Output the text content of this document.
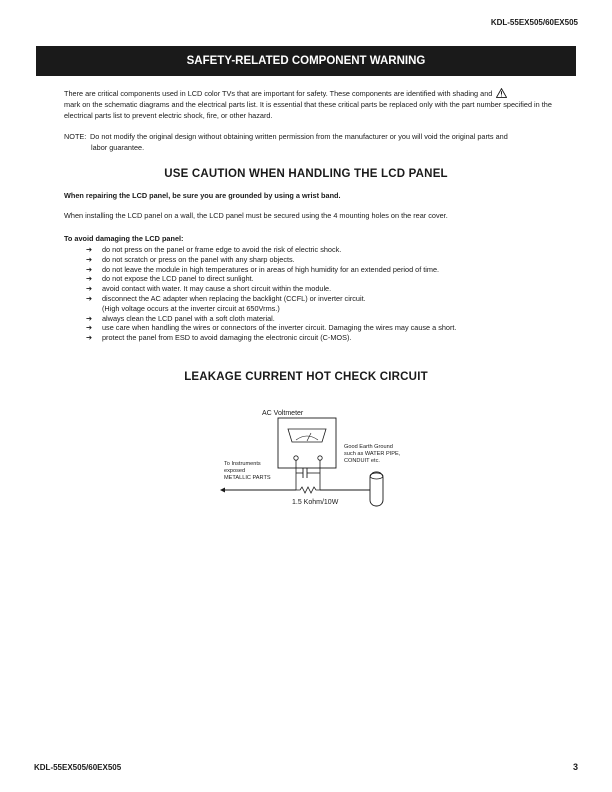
KDL-55EX505/60EX505
SAFETY-RELATED COMPONENT WARNING
There are critical components used in LCD color TVs that are important for safety. These components are identified with shading and
mark on the schematic diagrams and the electrical parts list. It is essential that these critical parts be replaced only with the part number specified in the electrical parts list to prevent electric shock, fire, or other hazard.
NOTE: Do not modify the original design without obtaining written permission from the manufacturer or you will void the original parts and
labor guarantee.
USE CAUTION WHEN HANDLING THE LCD PANEL
When repairing the LCD panel, be sure you are grounded by using a wrist band.
When installing the LCD panel on a wall, the LCD panel must be secured using the 4 mounting holes on the rear cover.
To avoid damaging the LCD panel:
➔	do not press on the panel or frame edge to avoid the risk of electric shock.
➔	do not scratch or press on the panel with any sharp objects.
➔	do not leave the module in high temperatures or in areas of high humidity for an extended period of time.
➔	do not expose the LCD panel to direct sunlight.
➔	avoid contact with water. It may cause a short circuit within the module.
➔	disconnect the AC adapter when replacing the backlight (CCFL) or inverter circuit.
(High voltage occurs at the inverter circuit at 650Vrms.)
➔	always clean the LCD panel with a soft cloth material.
➔	use care when handling the wires or connectors of the inverter circuit. Damaging the wires may cause a short.
➔	protect the panel from ESD to avoid damaging the electronic circuit (C-MOS).
LEAKAGE CURRENT HOT CHECK CIRCUIT
AC Voltmeter
To Instruments
exposed
METALLIC PARTS
Good Earth Ground
such as WATER PIPE,
CONDUIT etc.
1.5 Kohm/10W
KDL-55EX505/60EX505	3
